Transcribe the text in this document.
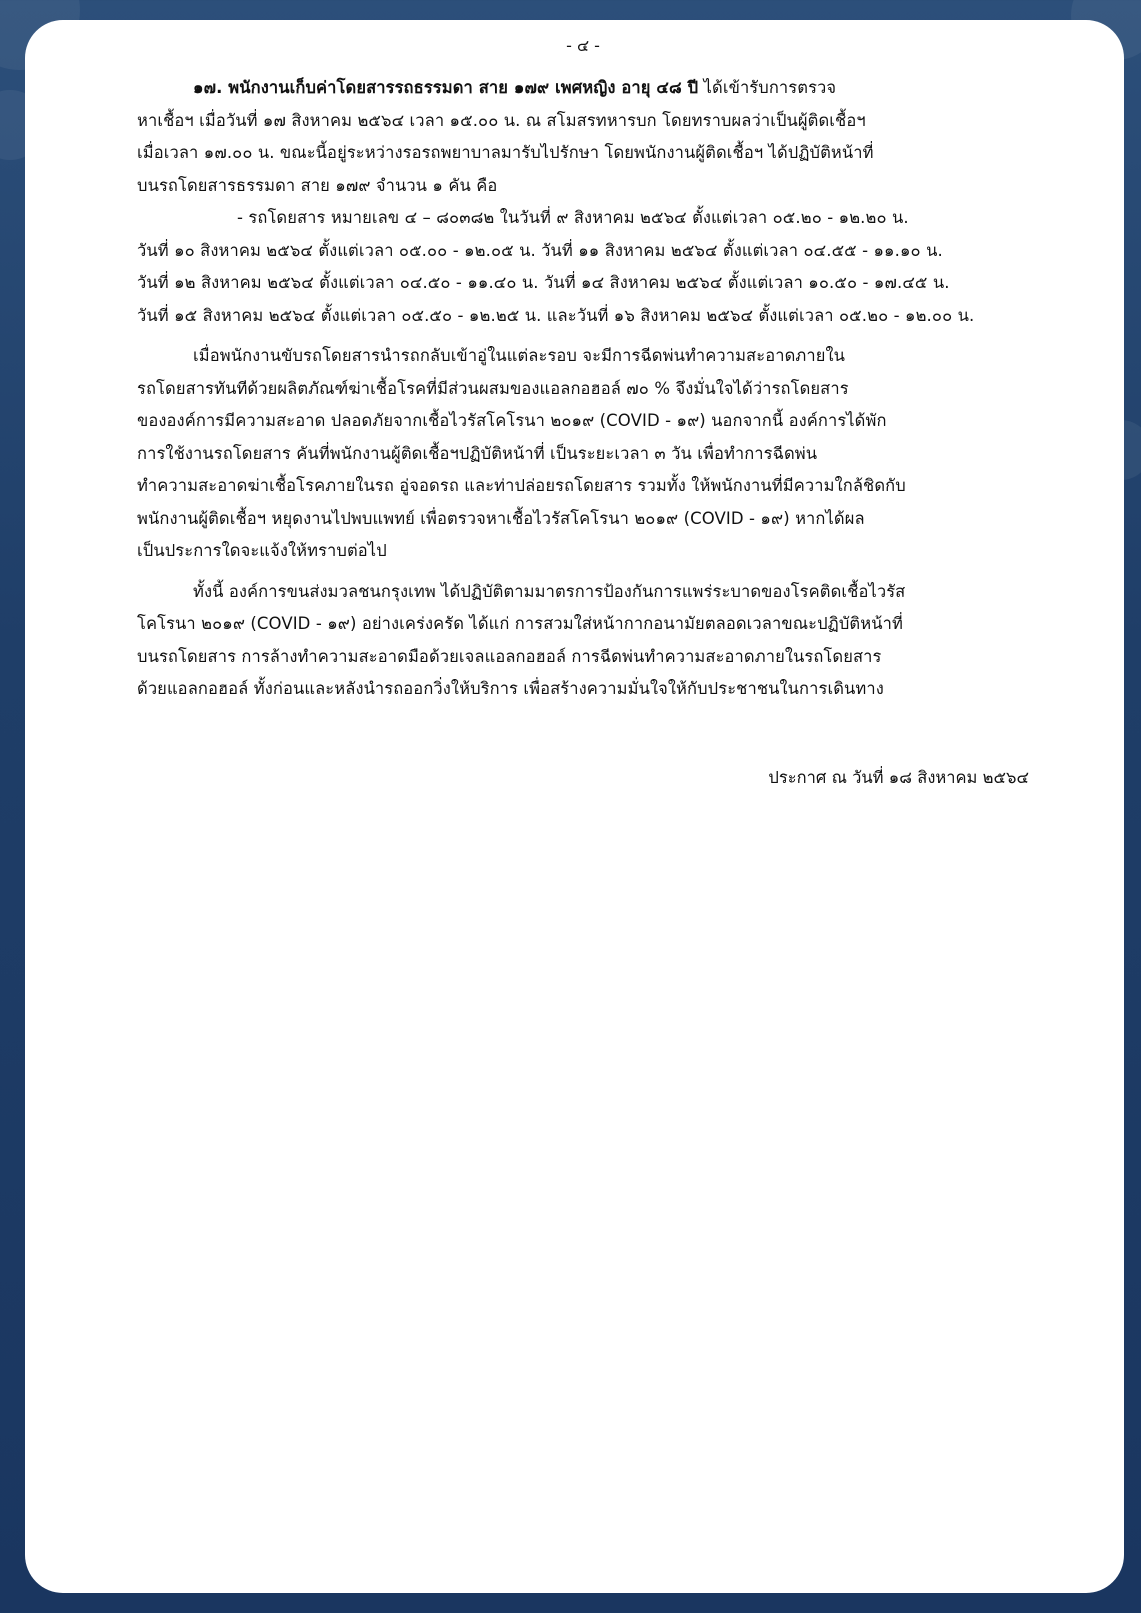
- ๔ -

๑๗. พนักงานเก็บค่าโดยสารรถธรรมดา สาย ๑๗๙ เพศหญิง อายุ ๔๘ ปี ได้เข้ารับการตรวจ
หาเชื้อฯ เมื่อวันที่ ๑๗ สิงหาคม ๒๕๖๔ เวลา ๑๕.๐๐ น. ณ สโมสรทหารบก โดยทราบผลว่าเป็นผู้ติดเชื้อฯ
เมื่อเวลา ๑๗.๐๐ น. ขณะนี้อยู่ระหว่างรอรถพยาบาลมารับไปรักษา โดยพนักงานผู้ติดเชื้อฯ ได้ปฏิบัติหน้าที่
บนรถโดยสารธรรมดา สาย ๑๗๙ จำนวน ๑ คัน คือ

- รถโดยสาร หมายเลข ๔ – ๘๐๓๘๒ ในวันที่ ๙ สิงหาคม ๒๕๖๔ ตั้งแต่เวลา ๐๕.๒๐ - ๑๒.๒๐ น.
วันที่ ๑๐ สิงหาคม ๒๕๖๔ ตั้งแต่เวลา ๐๕.๐๐ - ๑๒.๐๕ น. วันที่ ๑๑ สิงหาคม ๒๕๖๔ ตั้งแต่เวลา ๐๔.๕๕ - ๑๑.๑๐ น.
วันที่ ๑๒ สิงหาคม ๒๕๖๔ ตั้งแต่เวลา ๐๔.๕๐ - ๑๑.๔๐ น. วันที่ ๑๔ สิงหาคม ๒๕๖๔ ตั้งแต่เวลา ๑๐.๕๐ - ๑๗.๔๕ น.
วันที่ ๑๕ สิงหาคม ๒๕๖๔ ตั้งแต่เวลา ๐๕.๕๐ - ๑๒.๒๕ น. และวันที่ ๑๖ สิงหาคม ๒๕๖๔ ตั้งแต่เวลา ๐๕.๒๐ - ๑๒.๐๐ น.

เมื่อพนักงานขับรถโดยสารนำรถกลับเข้าอู่ในแต่ละรอบ จะมีการฉีดพ่นทำความสะอาดภายใน
รถโดยสารทันทีด้วยผลิตภัณฑ์ฆ่าเชื้อโรคที่มีส่วนผสมของแอลกอฮอล์ ๗๐ % จึงมั่นใจได้ว่ารถโดยสาร
ขององค์การมีความสะอาด ปลอดภัยจากเชื้อไวรัสโคโรนา ๒๐๑๙ (COVID - ๑๙) นอกจากนี้ องค์การได้พัก
การใช้งานรถโดยสาร คันที่พนักงานผู้ติดเชื้อฯปฏิบัติหน้าที่ เป็นระยะเวลา ๓ วัน เพื่อทำการฉีดพ่น
ทำความสะอาดฆ่าเชื้อโรคภายในรถ อู่จอดรถ และท่าปล่อยรถโดยสาร รวมทั้ง ให้พนักงานที่มีความใกล้ชิดกับ
พนักงานผู้ติดเชื้อฯ หยุดงานไปพบแพทย์ เพื่อตรวจหาเชื้อไวรัสโคโรนา ๒๐๑๙ (COVID - ๑๙) หากได้ผล
เป็นประการใดจะแจ้งให้ทราบต่อไป

ทั้งนี้ องค์การขนส่งมวลชนกรุงเทพ ได้ปฏิบัติตามมาตรการป้องกันการแพร่ระบาดของโรคติดเชื้อไวรัส
โคโรนา ๒๐๑๙ (COVID - ๑๙) อย่างเคร่งครัด ได้แก่ การสวมใส่หน้ากากอนามัยตลอดเวลาขณะปฏิบัติหน้าที่
บนรถโดยสาร การล้างทำความสะอาดมือด้วยเจลแอลกอฮอล์ การฉีดพ่นทำความสะอาดภายในรถโดยสาร
ด้วยแอลกอฮอล์ ทั้งก่อนและหลังนำรถออกวิ่งให้บริการ เพื่อสร้างความมั่นใจให้กับประชาชนในการเดินทาง

ประกาศ ณ วันที่ ๑๘ สิงหาคม ๒๕๖๔
